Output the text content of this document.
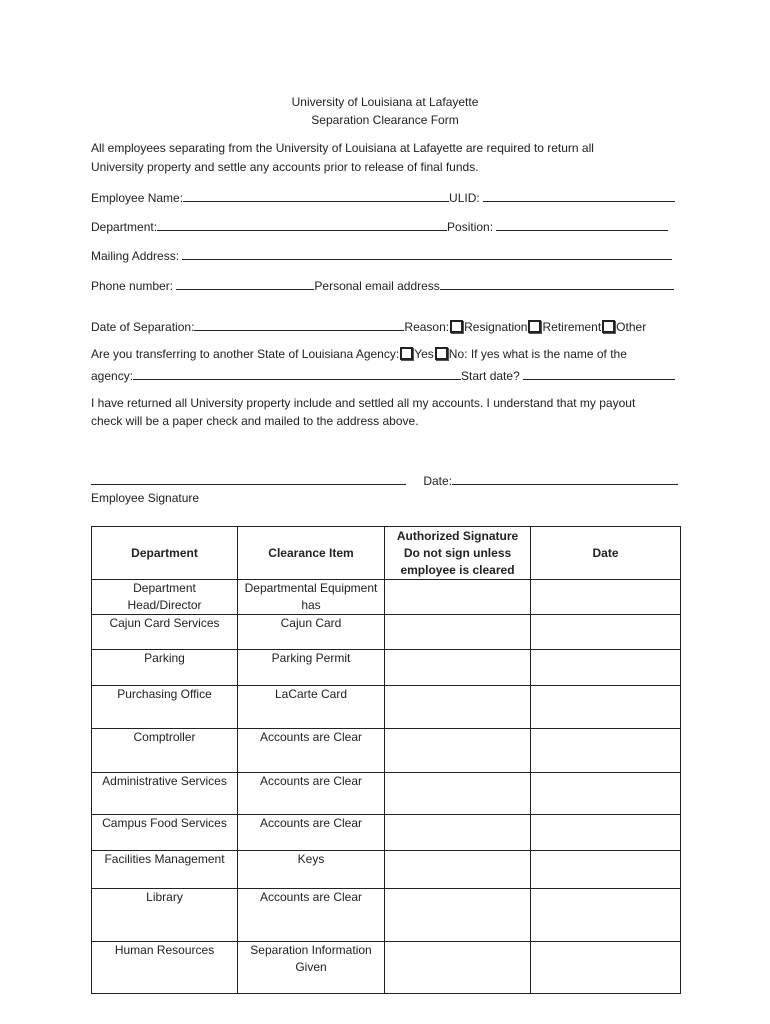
University of Louisiana at Lafayette
Separation Clearance Form
All employees separating from the University of Louisiana at Lafayette are required to return all
University property and settle any accounts prior to release of final funds.
Employee Name:	ULID:
Department:	Position:
Mailing Address:
Phone number:	Personal email address
Date of Separation:	Reason: Resignation Retirement Other
Are you transferring to another State of Louisiana Agency: Yes No: If yes what is the name of the
agency:	Start date?
I have returned all University property include and settled all my accounts. I understand that my payout
check will be a paper check and mailed to the address above.
Date:
Employee Signature
Department	Clearance Item	Authorized Signature Do not sign unless employee is cleared	Date
Department Head/Director	Departmental Equipment has		
Cajun Card Services	Cajun Card		
Parking	Parking Permit		
Purchasing Office	LaCarte Card		
Comptroller	Accounts are Clear		
Administrative Services	Accounts are Clear		
Campus Food Services	Accounts are Clear		
Facilities Management	Keys		
Library	Accounts are Clear		
Human Resources	Separation Information Given		
